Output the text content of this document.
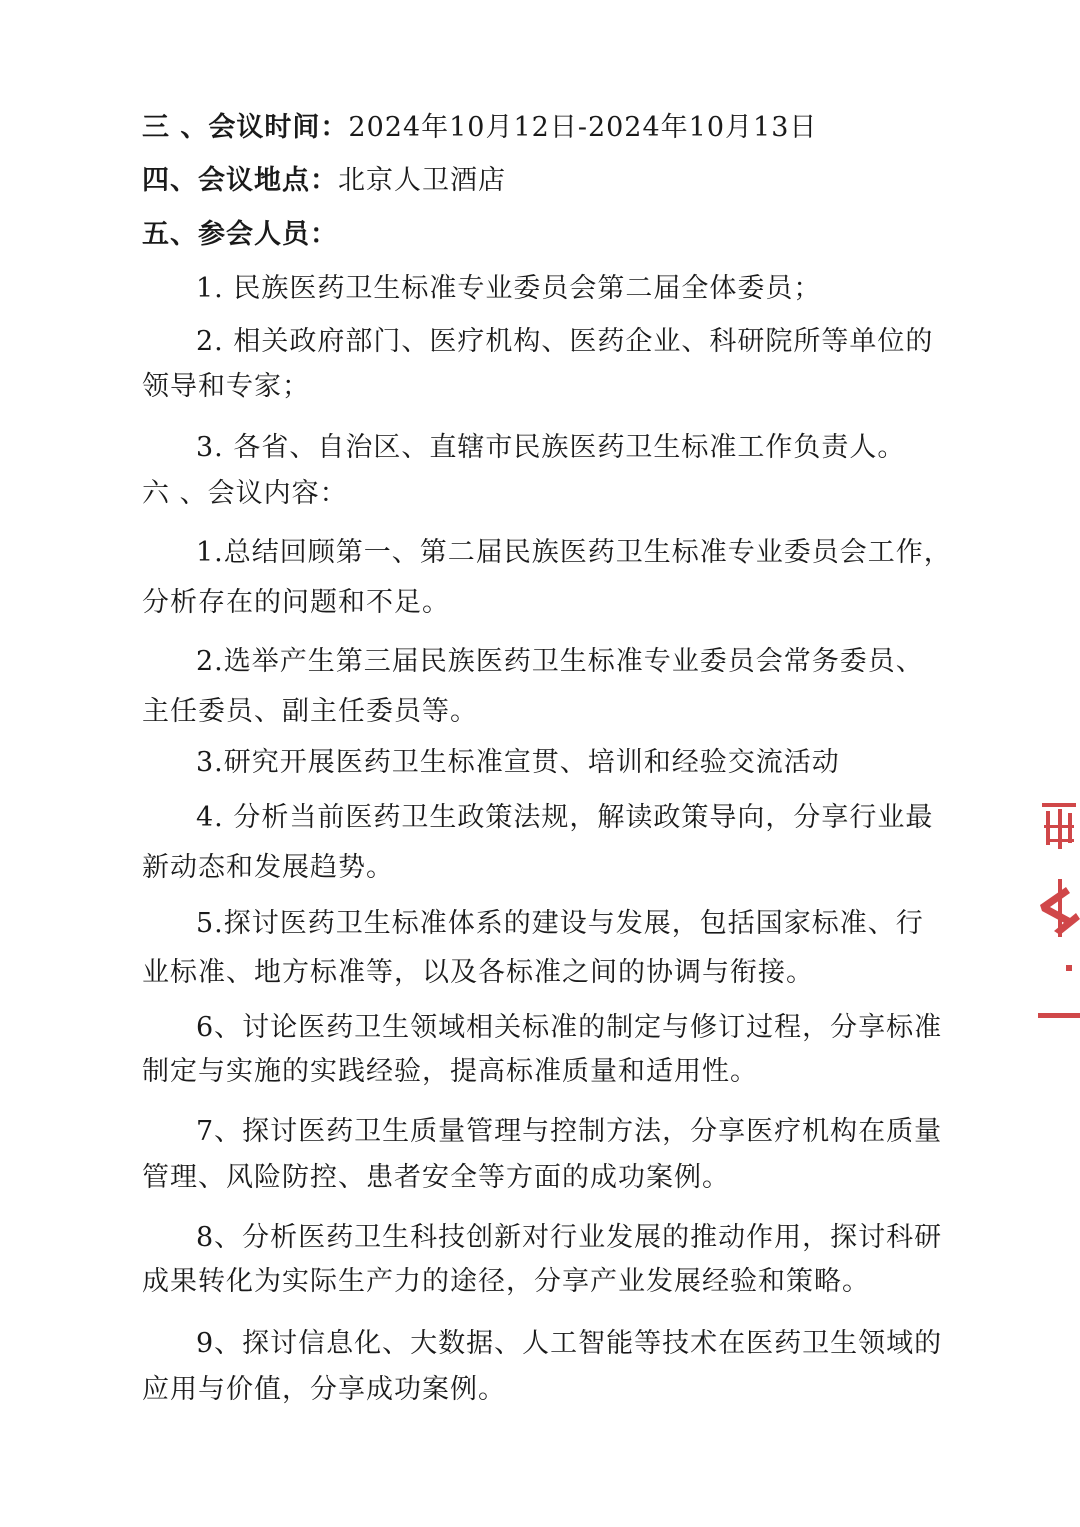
三 、会议时间：2024年10月12日-2024年10月13日
四、会议地点：北京人卫酒店
五、参会人员：
1. 民族医药卫生标准专业委员会第二届全体委员；
2. 相关政府部门、医疗机构、医药企业、科研院所等单位的
领导和专家；
3. 各省、自治区、直辖市民族医药卫生标准工作负责人。
六 、会议内容：
1.总结回顾第一、第二届民族医药卫生标准专业委员会工作，
分析存在的问题和不足。
2.选举产生第三届民族医药卫生标准专业委员会常务委员、
主任委员、副主任委员等。
3.研究开展医药卫生标准宣贯、培训和经验交流活动
4. 分析当前医药卫生政策法规，解读政策导向，分享行业最
新动态和发展趋势。
5.探讨医药卫生标准体系的建设与发展，包括国家标准、行
业标准、地方标准等，以及各标准之间的协调与衔接。
6、讨论医药卫生领域相关标准的制定与修订过程，分享标准
制定与实施的实践经验，提高标准质量和适用性。
7、探讨医药卫生质量管理与控制方法，分享医疗机构在质量
管理、风险防控、患者安全等方面的成功案例。
8、分析医药卫生科技创新对行业发展的推动作用，探讨科研
成果转化为实际生产力的途径，分享产业发展经验和策略。
9、探讨信息化、大数据、人工智能等技术在医药卫生领域的
应用与价值，分享成功案例。
